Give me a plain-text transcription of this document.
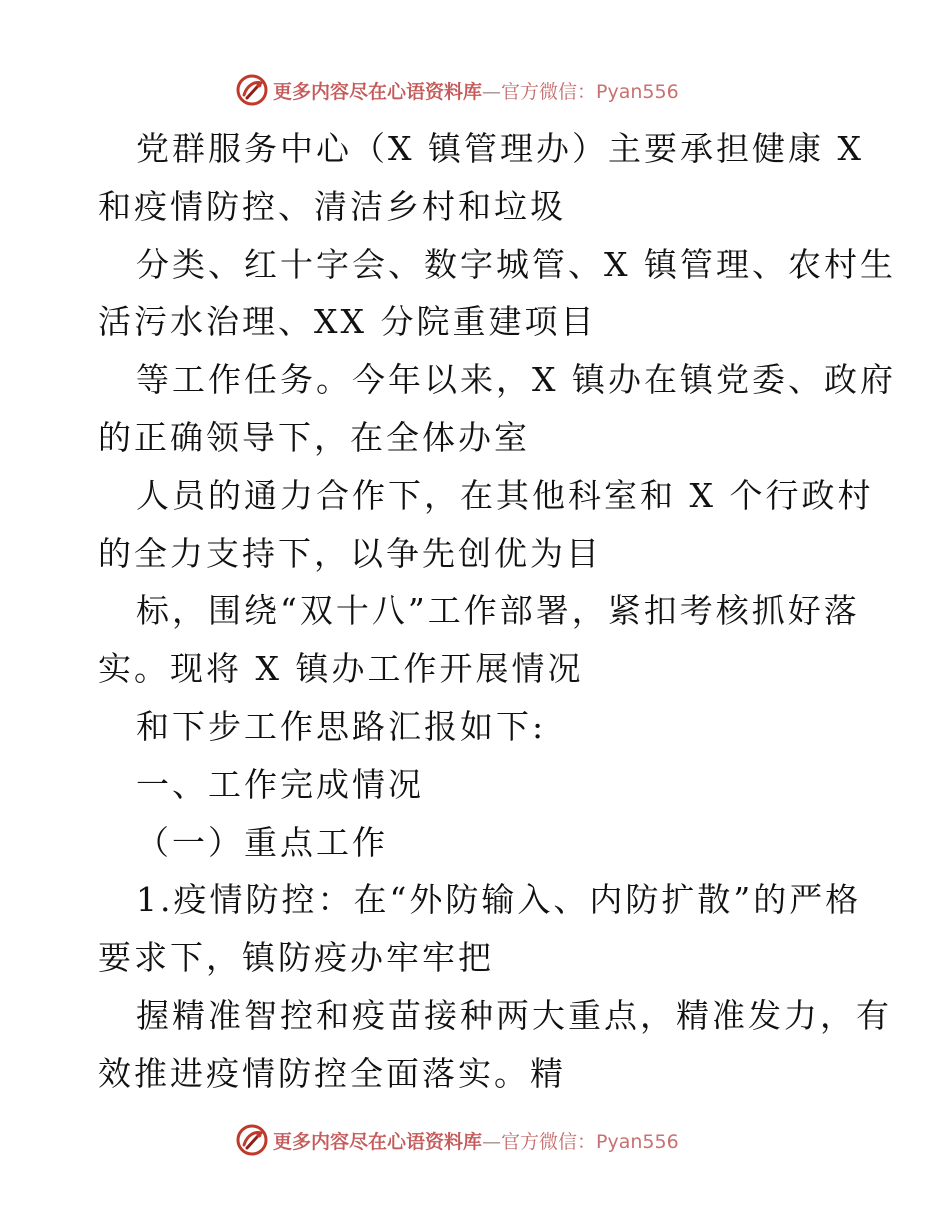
更多内容尽在心语资料库—官方微信：Pyan556
党群服务中心（X 镇管理办）主要承担健康 X
和疫情防控、清洁乡村和垃圾
分类、红十字会、数字城管、X 镇管理、农村生
活污水治理、XX 分院重建项目
等工作任务。今年以来，X 镇办在镇党委、政府
的正确领导下，在全体办室
人员的通力合作下，在其他科室和 X 个行政村
的全力支持下，以争先创优为目
标，围绕“双十八”工作部署，紧扣考核抓好落
实。现将 X 镇办工作开展情况
和下步工作思路汇报如下:
一、工作完成情况
（一）重点工作
1.疫情防控：在“外防输入、内防扩散”的严格
要求下，镇防疫办牢牢把
握精准智控和疫苗接种两大重点，精准发力，有
效推进疫情防控全面落实。精
更多内容尽在心语资料库—官方微信：Pyan556
